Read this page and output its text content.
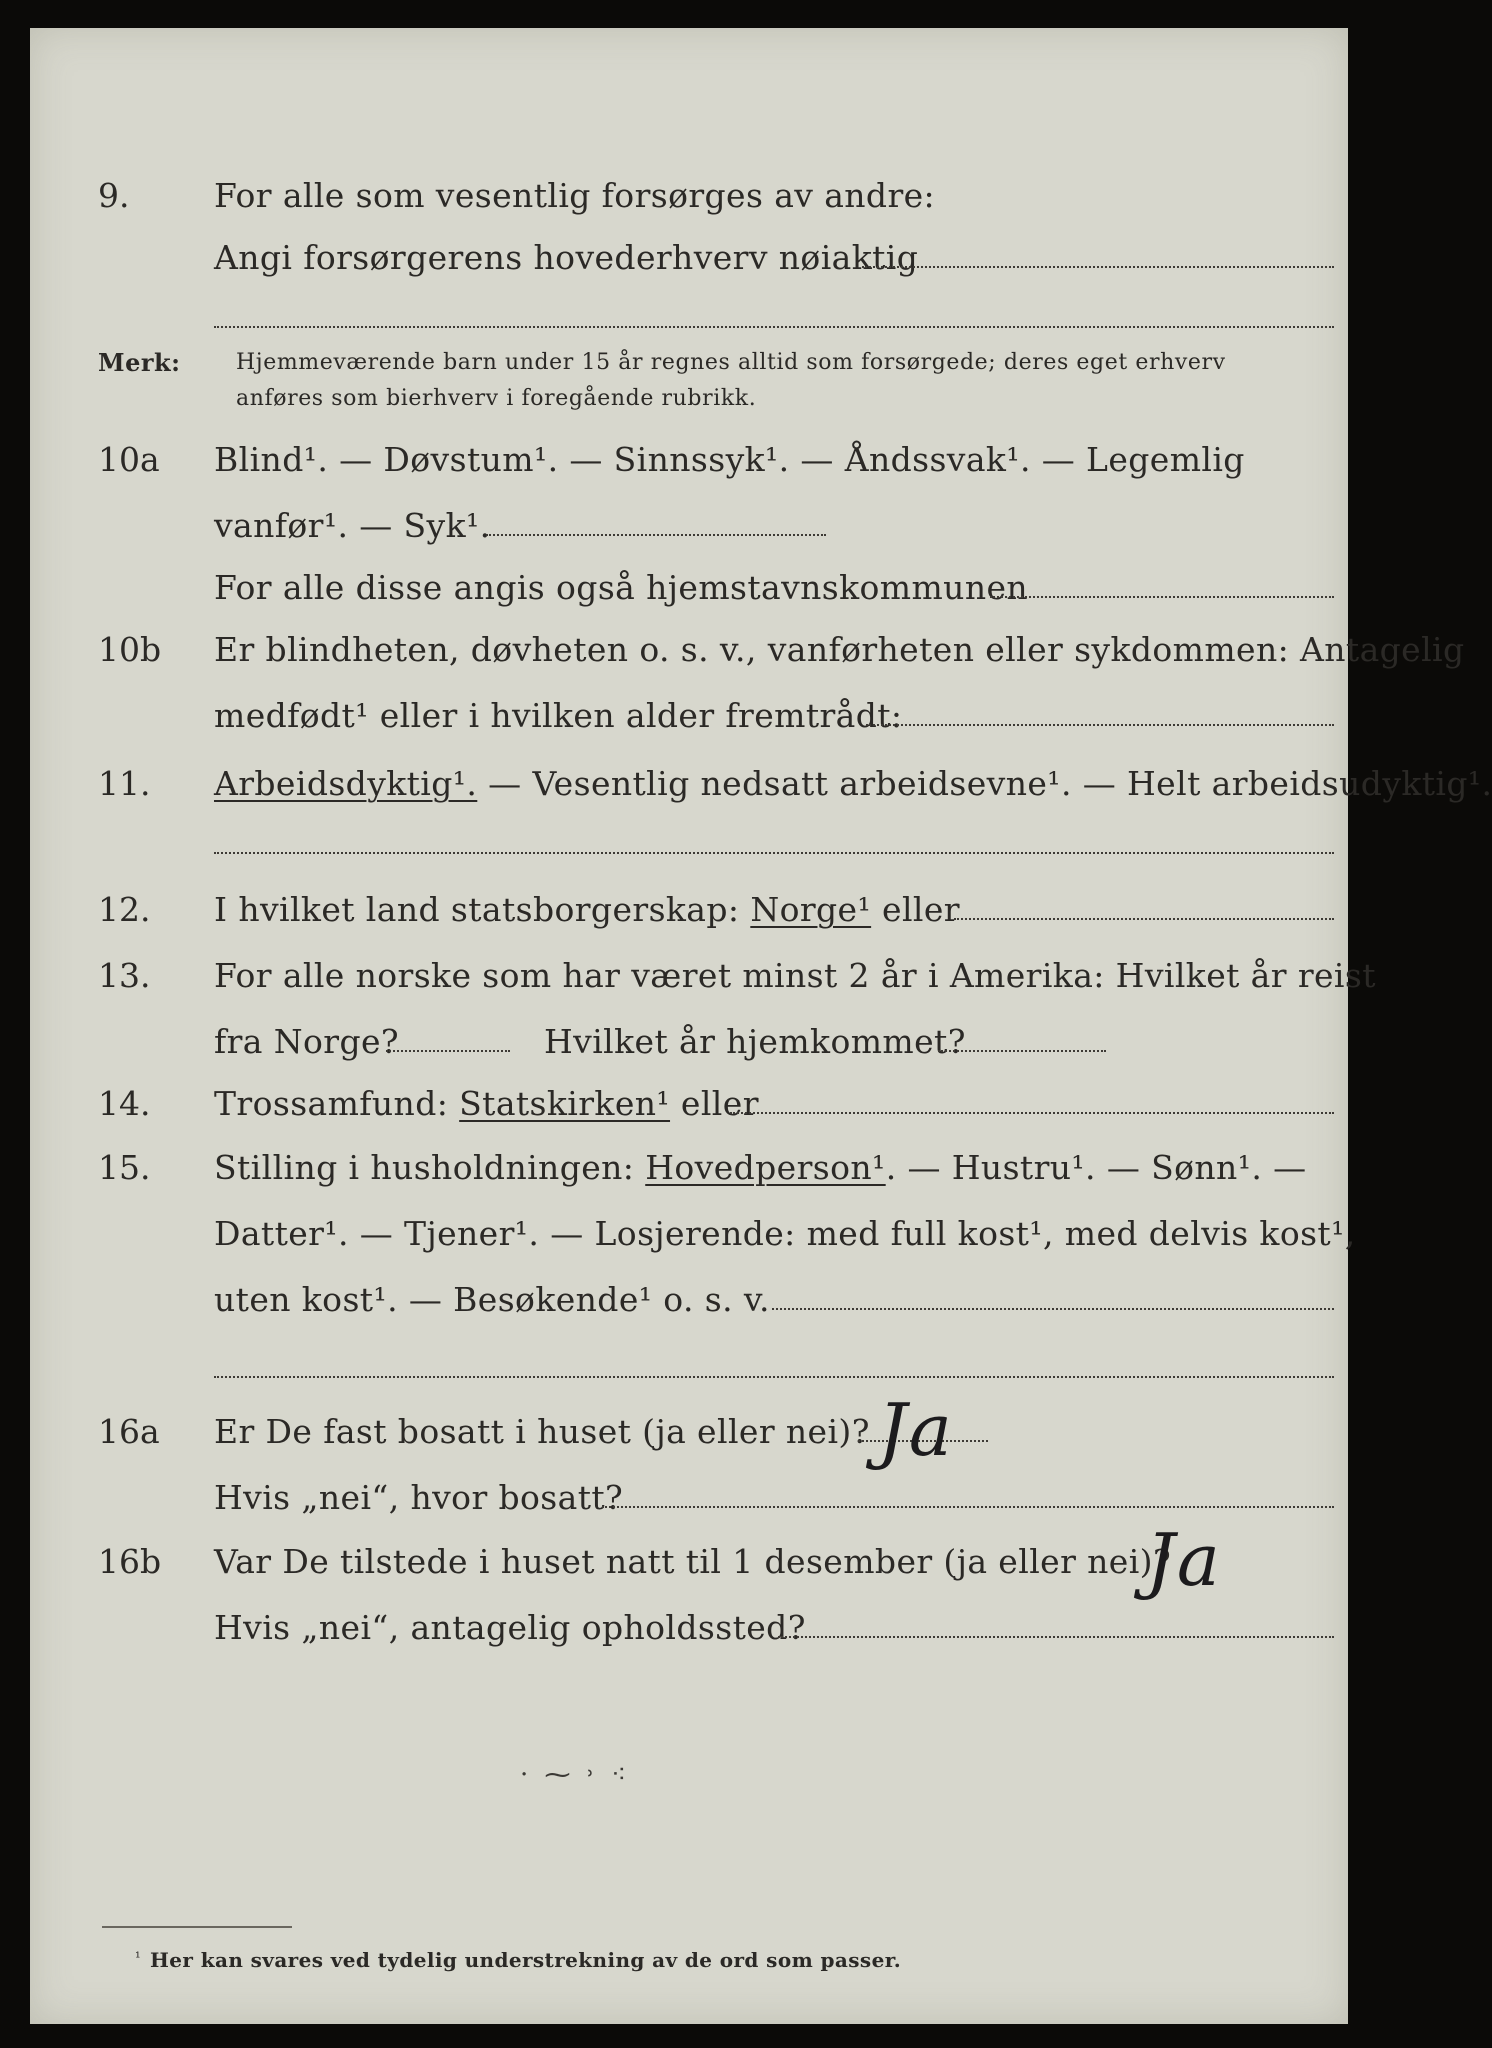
9.	For alle som vesentlig forsørges av andre:
Angi forsørgerens hovederhverv nøiaktig
Merk:	Hjemmeværende barn under 15 år regnes alltid som forsørgede; deres eget erhverv
anføres som bierhverv i foregående rubrikk.
10a Blind¹. — Døvstum¹. — Sinnssyk¹. — Åndssvak¹. — Legemlig
vanfør¹. — Syk¹.
For alle disse angis også hjemstavnskommunen
10b Er blindheten, døvheten o. s. v., vanførheten eller sykdommen: Antagelig
medfødt¹ eller i hvilken alder fremtrådt:
11. Arbeidsdyktig¹. — Vesentlig nedsatt arbeidsevne¹. — Helt arbeidsudyktig¹.
12. I hvilket land statsborgerskap: Norge¹ eller
13. For alle norske som har været minst 2 år i Amerika: Hvilket år reist
fra Norge?	Hvilket år hjemkommet?
14. Trossamfund: Statskirken¹ eller
15. Stilling i husholdningen: Hovedperson¹. — Hustru¹. — Sønn¹. —
Datter¹. — Tjener¹. — Losjerende: med full kost¹, med delvis kost¹,
uten kost¹. — Besøkende¹ o. s. v.
16a Er De fast bosatt i huset (ja eller nei)? Ja
Hvis „nei“, hvor bosatt?
16b Var De tilstede i huset natt til 1 desember (ja eller nei)?
Ja
Hvis „nei“, antagelig opholdssted?
· ⁓ ˒ ⁖
¹ Her kan svares ved tydelig understrekning av de ord som passer.
